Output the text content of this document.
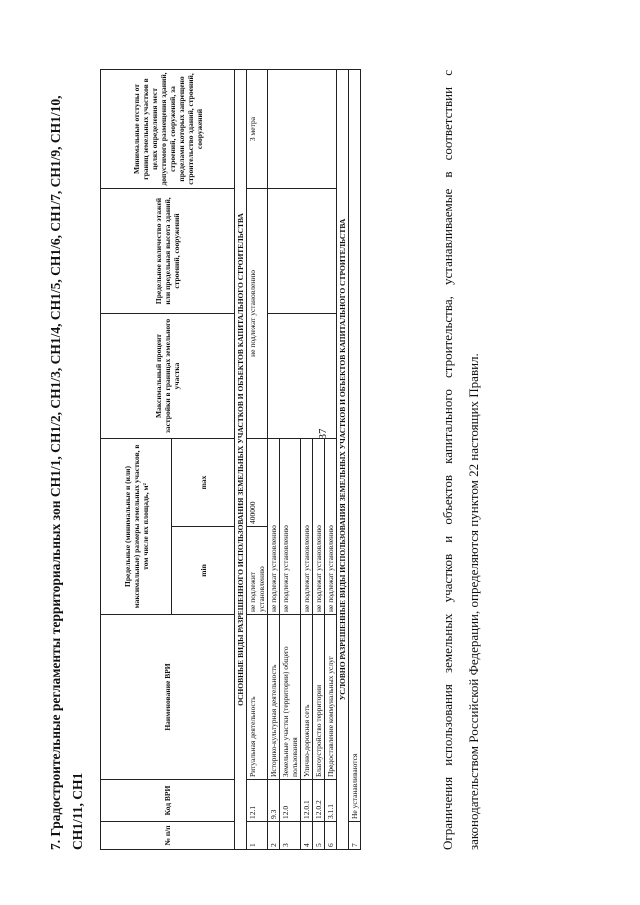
37
7. Градостроительные регламенты территориальных зон СН1/1, СН1/2, СН1/3, СН1/4, СН1/5, СН1/6, СН1/7, СН1/9, СН1/10, СН1/11, СН1	№ п/п	Код ВРИ	Наименование ВРИ	Предельные (минимальные и (или) максимальные) размеры земельных участков, в том числе их площадь, м²		Максимальный процент застройки в границах земельного участка	Предельное количество этажей или предельная высота зданий, строений, сооружений	Минимальные отступы от границ земельных участков в целях определения мест допустимого размещения зданий, строений, сооружений, за пределами которых запрещено строительство зданий, строений, сооружений
			min	max			
ОСНОВНЫЕ ВИДЫ РАЗРЕШЕННОГО ИСПОЛЬЗОВАНИЯ ЗЕМЕЛЬНЫХ УЧАСТКОВ И ОБЪЕКТОВ КАПИТАЛЬНОГО СТРОИТЕЛЬСТВА							
1	12.1	Ритуальная деятельность	не подлежит установлению	400000	не подлежат установлению		3 метра
2	9.3	Историко-культурная деятельность	не подлежат установлению				
3	12.0	Земельные участки (территории) общего пользования	не подлежат установлению				
4	12.0.1	Улично-дорожная сеть	не подлежат установлению				
5	12.0.2	Благоустройство территории	не подлежат установлению				
6	3.1.1	Предоставление коммунальных услуг	не подлежат установлению				
УСЛОВНО РАЗРЕШЕННЫЕ ВИДЫ ИСПОЛЬЗОВАНИЯ ЗЕМЕЛЬНЫХ УЧАСТКОВ И ОБЪЕКТОВ КАПИТАЛЬНОГО СТРОИТЕЛЬСТВА							
7	Не устанавливаются							Ограничения использования земельных участков и объектов капитального строительства, устанавливаемые в соответствии с законодательством Российской Федерации, определяются пунктом 22 настоящих Правил.
